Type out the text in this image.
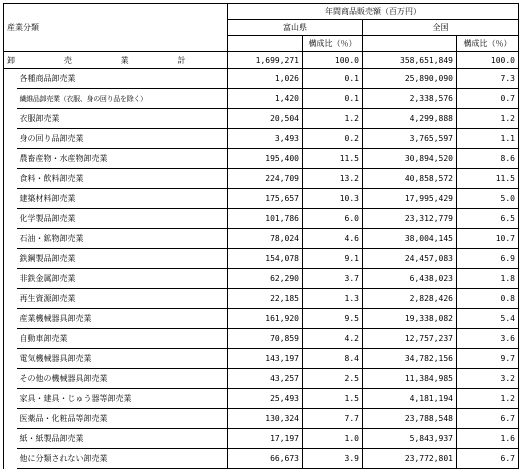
		年間商品販売額（百万円）			
産業分類		富山県		全国	
			構成比（％）		構成比（％）
卸 売 業 計		1,699,271	100.0	358,651,849	100.0
	各種商品卸売業	1,026	0.1	25,890,090	7.3
	繊維品卸売業（衣服、身の回り品を除く）	1,420	0.1	2,338,576	0.7
	衣服卸売業	20,504	1.2	4,299,888	1.2
	身の回り品卸売業	3,493	0.2	3,765,597	1.1
	農畜産物・水産物卸売業	195,400	11.5	30,894,520	8.6
	食料・飲料卸売業	224,709	13.2	40,858,572	11.5
	建築材料卸売業	175,657	10.3	17,995,429	5.0
	化学製品卸売業	101,786	6.0	23,312,779	6.5
	石油・鉱物卸売業	78,024	4.6	38,004,145	10.7
	鉄鋼製品卸売業	154,078	9.1	24,457,083	6.9
	非鉄金属卸売業	62,290	3.7	6,438,023	1.8
	再生資源卸売業	22,185	1.3	2,828,426	0.8
	産業機械器具卸売業	161,920	9.5	19,338,082	5.4
	自動車卸売業	70,859	4.2	12,757,237	3.6
	電気機械器具卸売業	143,197	8.4	34,782,156	9.7
	その他の機械器具卸売業	43,257	2.5	11,384,985	3.2
	家具・建具・じゅう器等卸売業	25,493	1.5	4,181,194	1.2
	医薬品・化粧品等卸売業	130,324	7.7	23,788,548	6.7
	紙・紙製品卸売業	17,197	1.0	5,843,937	1.6
	他に分類されない卸売業	66,673	3.9	23,772,801	6.7
